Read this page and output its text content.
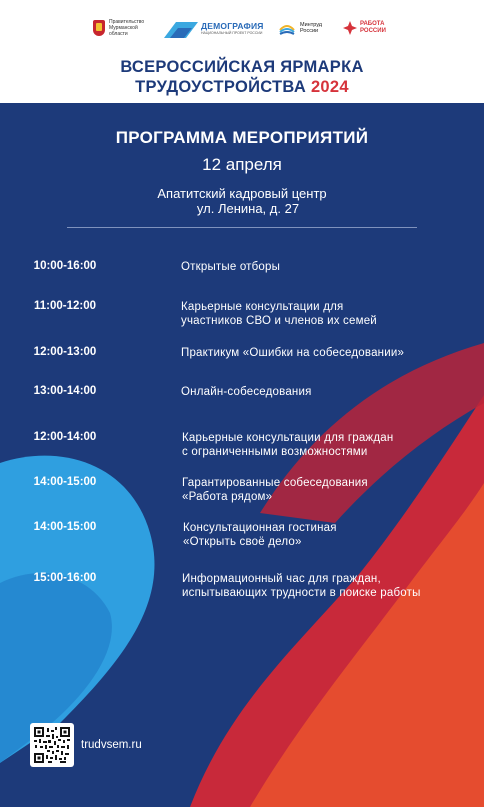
Правительство Мурманской области
ДЕМОГРАФИЯ
НАЦИОНАЛЬНЫЙ ПРОЕКТ РОССИИ
Минтруд России
РАБОТА РОССИИ
ВСЕРОССИЙСКАЯ ЯРМАРКА
ТРУДОУСТРОЙСТВА 2024
ПРОГРАММА МЕРОПРИЯТИЙ
12 апреля
Апатитский кадровый центр
ул. Ленина, д. 27
10:00-16:00	Открытые отборы
11:00-12:00	Карьерные консультации для
участников СВО и членов их семей
12:00-13:00	Практикум «Ошибки на собеседовании»
13:00-14:00	Онлайн-собеседования
12:00-14:00	Карьерные консультации для граждан
с ограниченными возможностями
14:00-15:00	Гарантированные собеседования
«Работа рядом»
14:00-15:00	Консультационная гостиная
«Открыть своё дело»
15:00-16:00	Информационный час для граждан,
испытывающих трудности в поиске работы
trudvsem.ru
